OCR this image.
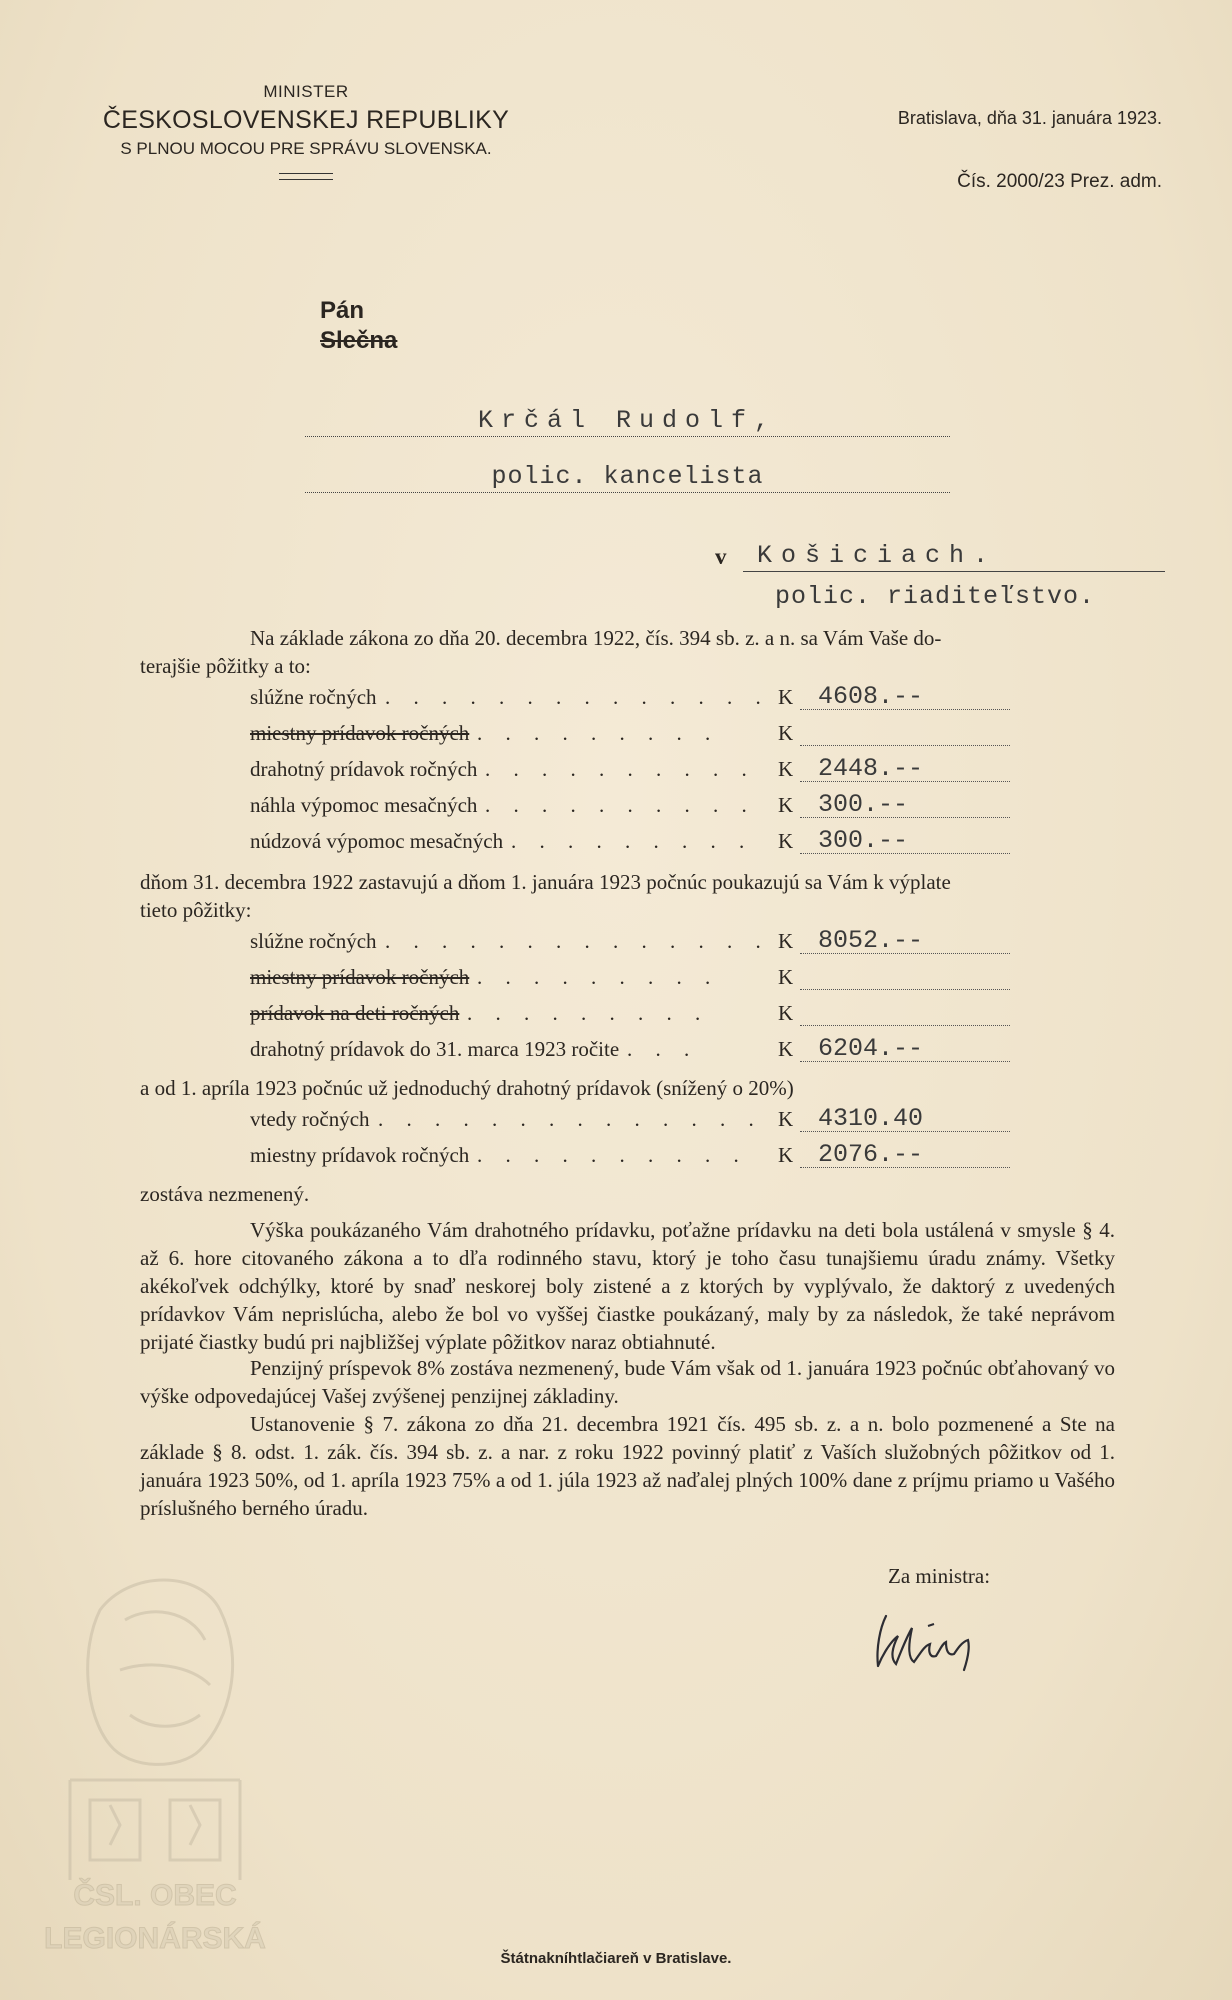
MINISTER
ČESKOSLOVENSKEJ REPUBLIKY
S PLNOU MOCOU PRE SPRÁVU SLOVENSKA.
Bratislava, dňa 31. januára 1923.
Čís. 2000/23 Prez. adm.
Pán
Slečna
Krčál Rudolf,
polic. kancelista
v Košiciach.
polic. riaditeľstvo.
Na základe zákona zo dňa 20. decembra 1922, čís. 394 sb. z. a n. sa Vám Vaše do-
terajšie pôžitky a to:
slúžne ročných . . . . . . . . . . . . . . K 4608.--
miestny prídavok ročných . . . . . . . . .	K
drahotný prídavok ročných . . . . . . . . . .	K 2448.--
náhla výpomoc mesačných . . . . . . . . . .	K 300.--
núdzová výpomoc mesačných . . . . . . . . .	K 300.--
dňom 31. decembra 1922 zastavujú a dňom 1. januára 1923 počnúc poukazujú sa Vám k výplate
tieto pôžitky:
slúžne ročných . . . . . . . . . . . . . . K 8052.--
miestny prídavok ročných . . . . . . . . .	K
prídavok na deti ročných . . . . . . . . .	K
drahotný prídavok do 31. marca 1923 ročite . . .	K 6204.--
a od 1. apríla 1923 počnúc už jednoduchý drahotný prídavok (snížený o 20%)
vtedy ročných . . . . . . . . . . . . . . K 4310.40
miestny prídavok ročných . . . . . . . . . .	K 2076.--
zostáva nezmenený.
Výška poukázaného Vám drahotného prídavku, poťažne prídavku na deti bola ustálená v smysle § 4. až 6. hore citovaného zákona a to dľa rodinného stavu, ktorý je toho času tunajšiemu úradu známy. Všetky akékoľvek odchýlky, ktoré by snaď neskorej boly zistené a z ktorých by vyplývalo, že daktorý z uvedených prídavkov Vám neprislúcha, alebo že bol vo vyššej čiastke poukázaný, maly by za následok, že také neprávom prijaté čiastky budú pri najbližšej výplate pôžitkov naraz obtiahnuté.
Penzijný príspevok 8% zostáva nezmenený, bude Vám však od 1. januára 1923 počnúc obťahovaný vo výške odpovedajúcej Vašej zvýšenej penzijnej základiny.
Ustanovenie § 7. zákona zo dňa 21. decembra 1921 čís. 495 sb. z. a n. bolo pozmenené a Ste na základe § 8. odst. 1. zák. čís. 394 sb. z. a nar. z roku 1922 povinný platiť z Vaších služobných pôžitkov od 1. januára 1923 50%, od 1. apríla 1923 75% a od 1. júla 1923 až naďalej plných 100% dane z príjmu priamo u Vašého príslušného berného úradu.
Za ministra:
ČSL. OBEC
LEGIONÁRSKÁ
Štátnakníhtlačiareň v Bratislave.
